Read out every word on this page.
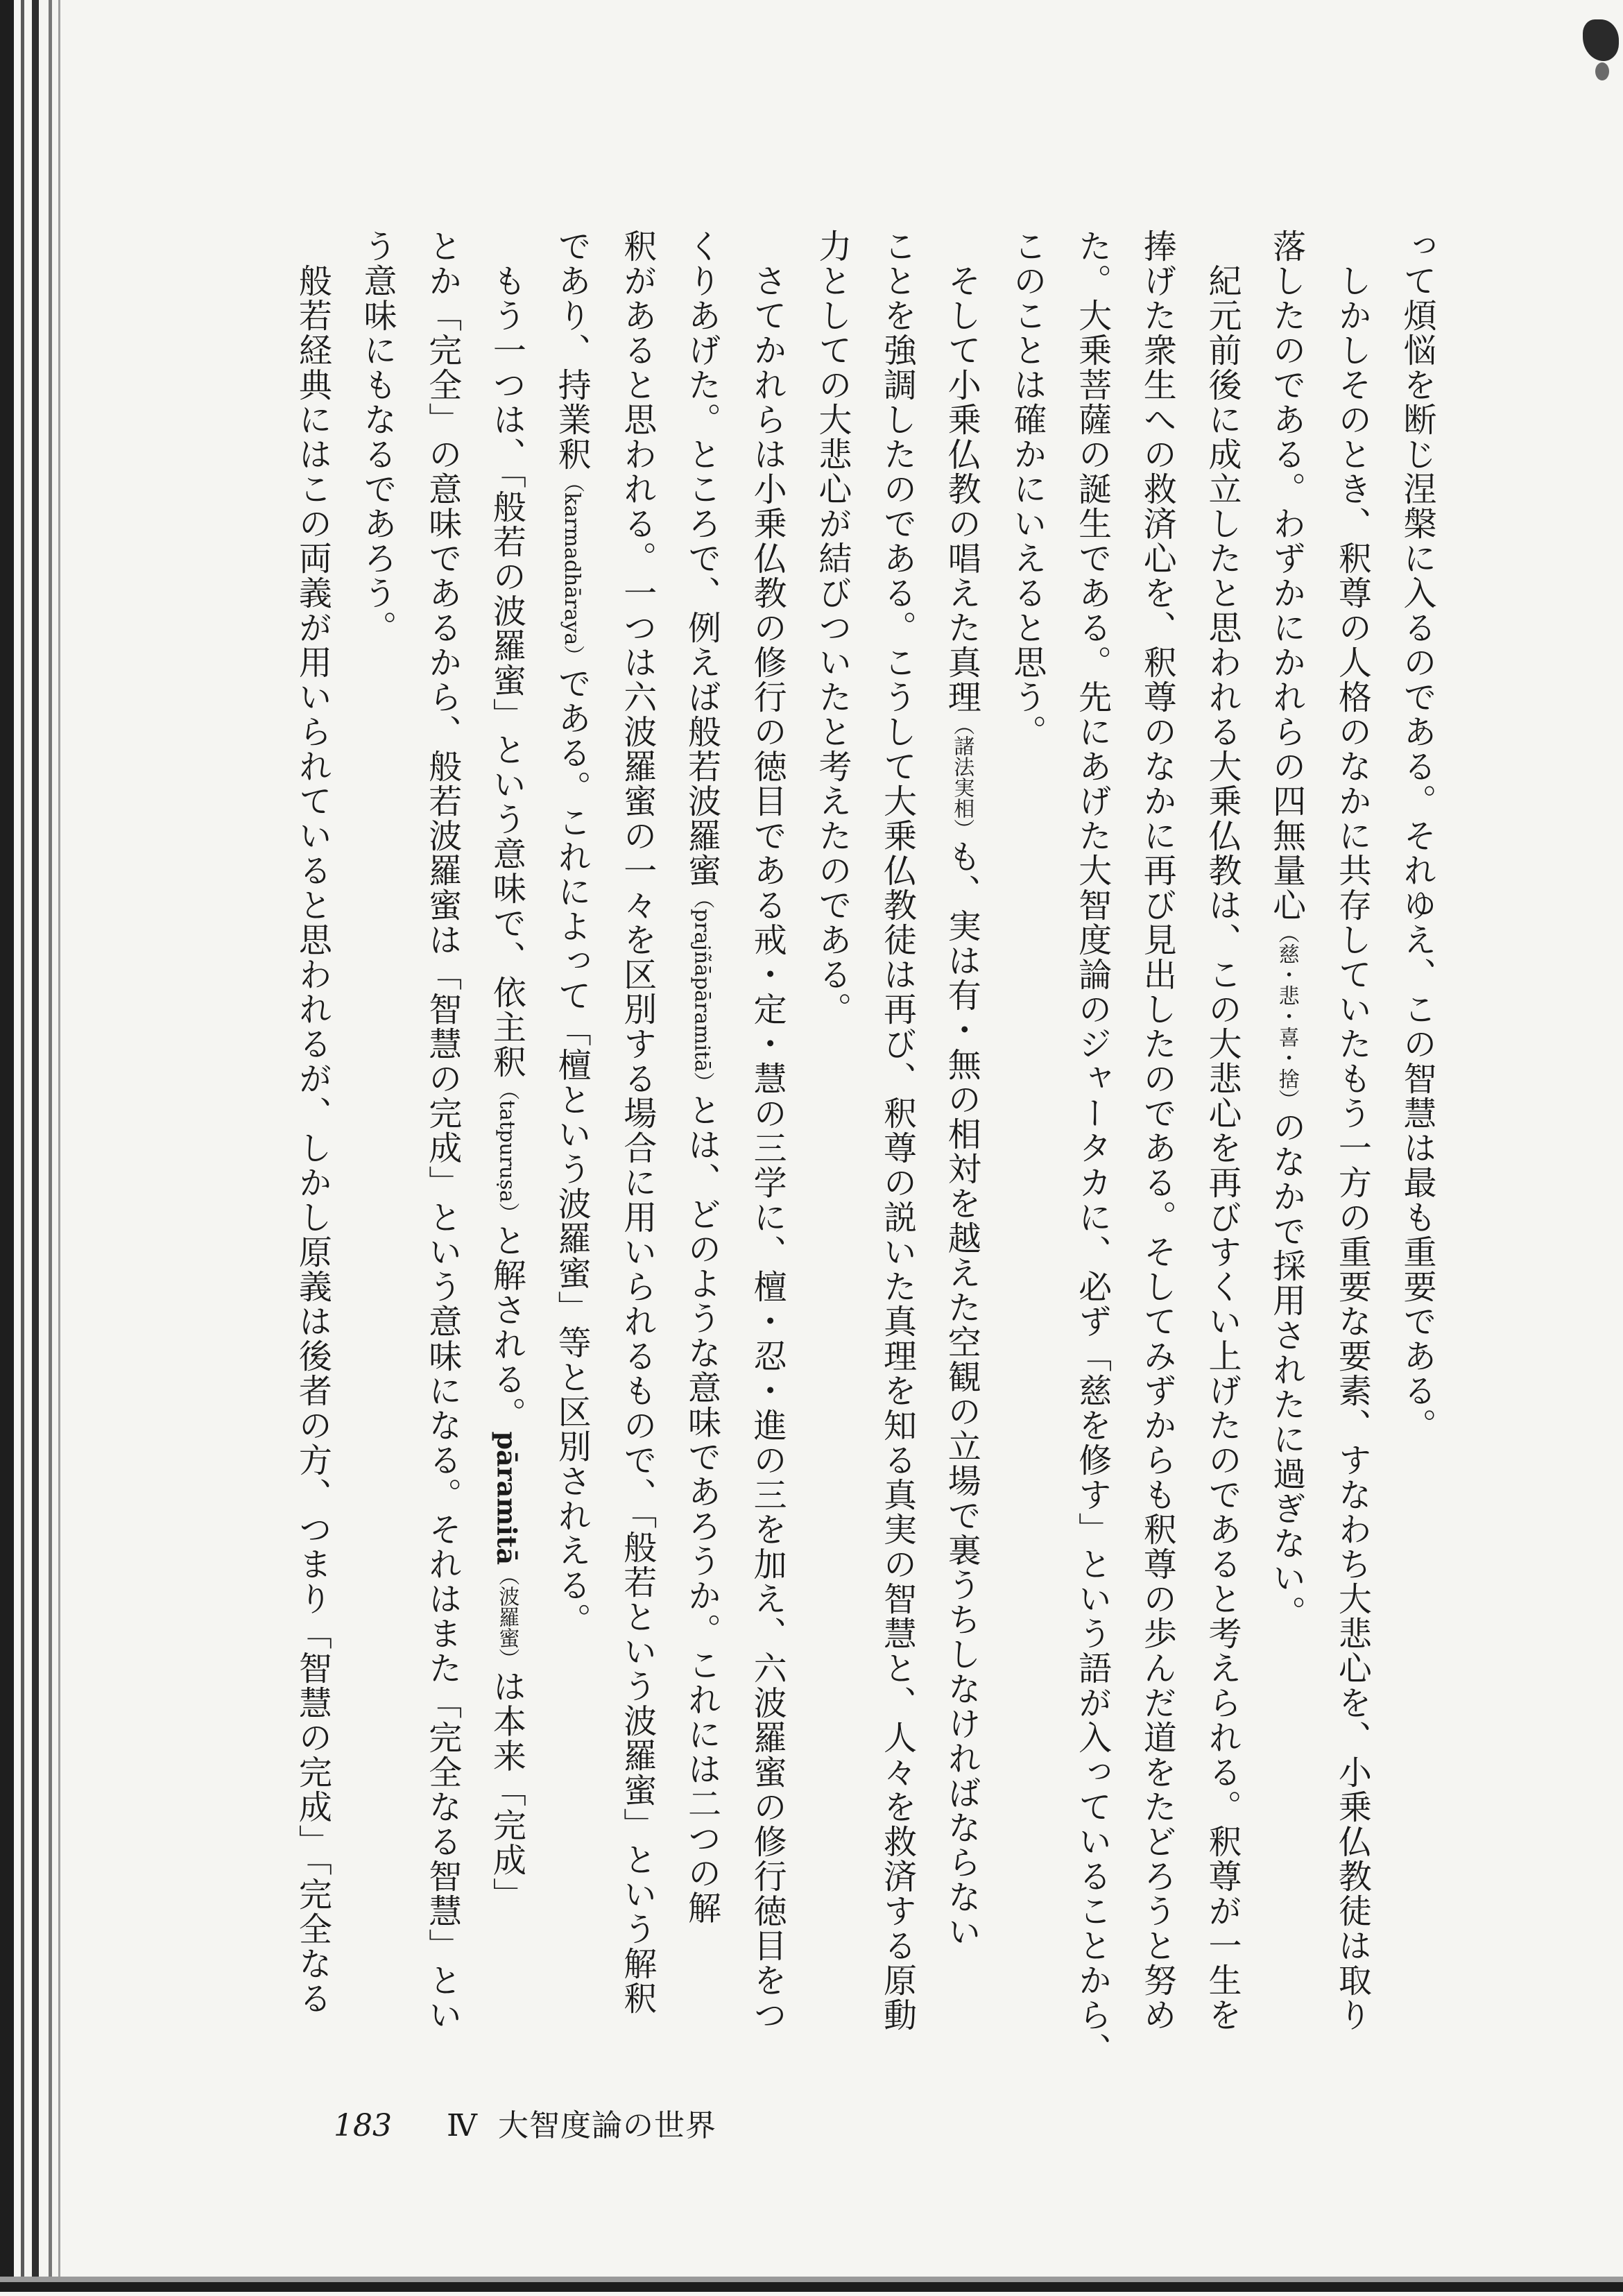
って煩悩を断じ涅槃に入るのである。それゆえ、この智慧は最も重要である。
しかしそのとき、釈尊の人格のなかに共存していたもう一方の重要な要素、すなわち大悲心を、小乗仏教徒は取り
落したのである。わずかにかれらの四無量心（慈・悲・喜・捨）のなかで採用されたに過ぎない。
紀元前後に成立したと思われる大乗仏教は、この大悲心を再びすくい上げたのであると考えられる。釈尊が一生を
捧げた衆生への救済心を、釈尊のなかに再び見出したのである。そしてみずからも釈尊の歩んだ道をたどろうと努め
た。大乗菩薩の誕生である。先にあげた大智度論のジャータカに、必ず「慈を修す」という語が入っていることから、
このことは確かにいえると思う。
そして小乗仏教の唱えた真理（諸法実相）も、実は有・無の相対を越えた空観の立場で裏うちしなければならない
ことを強調したのである。こうして大乗仏教徒は再び、釈尊の説いた真理を知る真実の智慧と、人々を救済する原動
力としての大悲心が結びついたと考えたのである。
さてかれらは小乗仏教の修行の徳目である戒・定・慧の三学に、檀・忍・進の三を加え、六波羅蜜の修行徳目をつ
くりあげた。ところで、例えば般若波羅蜜（prajñāpāramitā）とは、どのような意味であろうか。これには二つの解
釈があると思われる。一つは六波羅蜜の一々を区別する場合に用いられるもので、「般若という波羅蜜」という解釈
であり、持業釈（karmadhāraya）である。これによって「檀という波羅蜜」等と区別されえる。
もう一つは、「般若の波羅蜜」という意味で、依主釈（tatpuruṣa）と解される。pāramitā（波羅蜜）は本来「完成」
とか「完全」の意味であるから、般若波羅蜜は「智慧の完成」という意味になる。それはまた「完全なる智慧」とい
う意味にもなるであろう。
般若経典にはこの両義が用いられていると思われるが、しかし原義は後者の方、つまり「智慧の完成」「完全なる
183 Ⅳ 大智度論の世界
